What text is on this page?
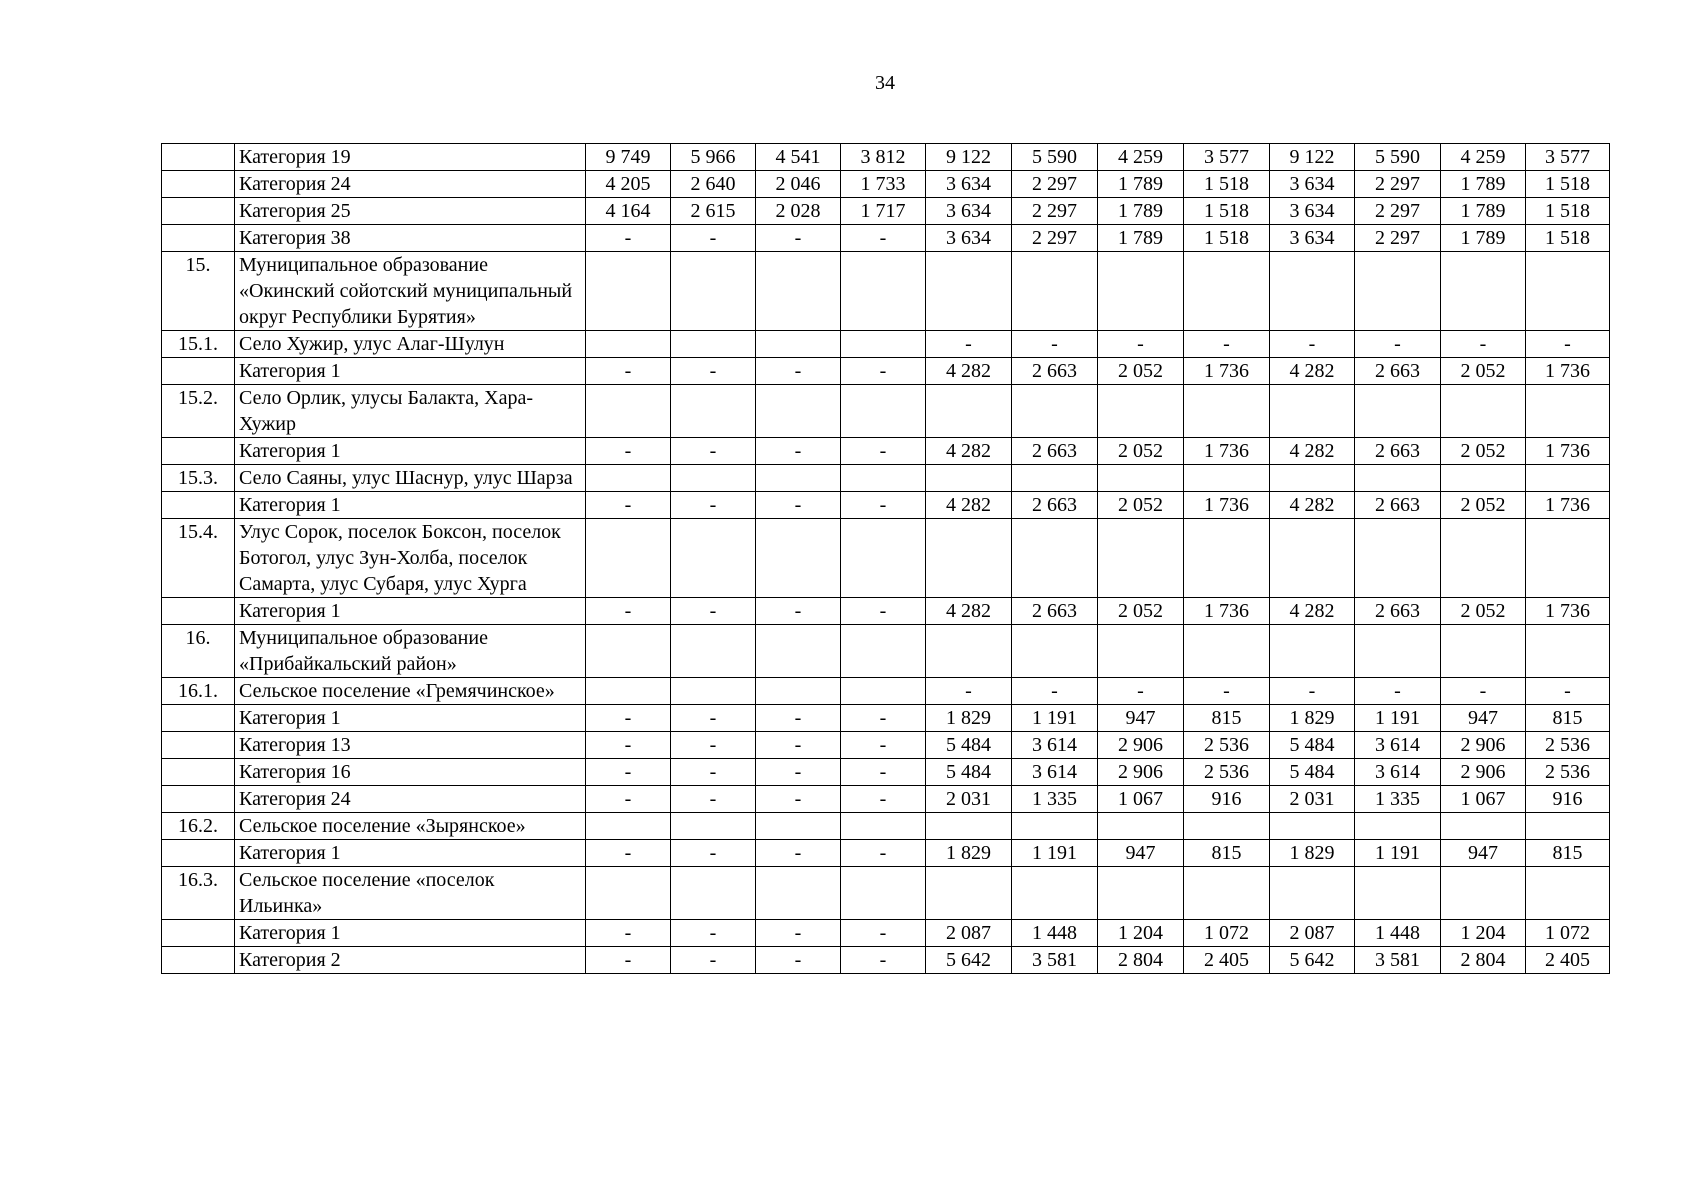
34
	Категория 19	9 749	5 966	4 541	3 812	9 122	5 590	4 259	3 577	9 122	5 590	4 259	3 577
	Категория 24	4 205	2 640	2 046	1 733	3 634	2 297	1 789	1 518	3 634	2 297	1 789	1 518
	Категория 25	4 164	2 615	2 028	1 717	3 634	2 297	1 789	1 518	3 634	2 297	1 789	1 518
	Категория 38	-	-	-	-	3 634	2 297	1 789	1 518	3 634	2 297	1 789	1 518
15.	Муниципальное образование «Окинский сойотский муниципальный округ Республики Бурятия»												
15.1.	Село Хужир, улус Алаг-Шулун					-	-	-	-	-	-	-	-
	Категория 1	-	-	-	-	4 282	2 663	2 052	1 736	4 282	2 663	2 052	1 736
15.2.	Село Орлик, улусы Балакта, Хара-Хужир												
	Категория 1	-	-	-	-	4 282	2 663	2 052	1 736	4 282	2 663	2 052	1 736
15.3.	Село Саяны, улус Шаснур, улус Шарза												
	Категория 1	-	-	-	-	4 282	2 663	2 052	1 736	4 282	2 663	2 052	1 736
15.4.	Улус Сорок, поселок Боксон, поселок Ботогол, улус Зун-Холба, поселок Самарта, улус Субаря, улус Хурга												
	Категория 1	-	-	-	-	4 282	2 663	2 052	1 736	4 282	2 663	2 052	1 736
16.	Муниципальное образование «Прибайкальский район»												
16.1.	Сельское поселение «Гремячинское»					-	-	-	-	-	-	-	-
	Категория 1	-	-	-	-	1 829	1 191	947	815	1 829	1 191	947	815
	Категория 13	-	-	-	-	5 484	3 614	2 906	2 536	5 484	3 614	2 906	2 536
	Категория 16	-	-	-	-	5 484	3 614	2 906	2 536	5 484	3 614	2 906	2 536
	Категория 24	-	-	-	-	2 031	1 335	1 067	916	2 031	1 335	1 067	916
16.2.	Сельское поселение «Зырянское»												
	Категория 1	-	-	-	-	1 829	1 191	947	815	1 829	1 191	947	815
16.3.	Сельское поселение «поселок Ильинка»												
	Категория 1	-	-	-	-	2 087	1 448	1 204	1 072	2 087	1 448	1 204	1 072
	Категория 2	-	-	-	-	5 642	3 581	2 804	2 405	5 642	3 581	2 804	2 405
